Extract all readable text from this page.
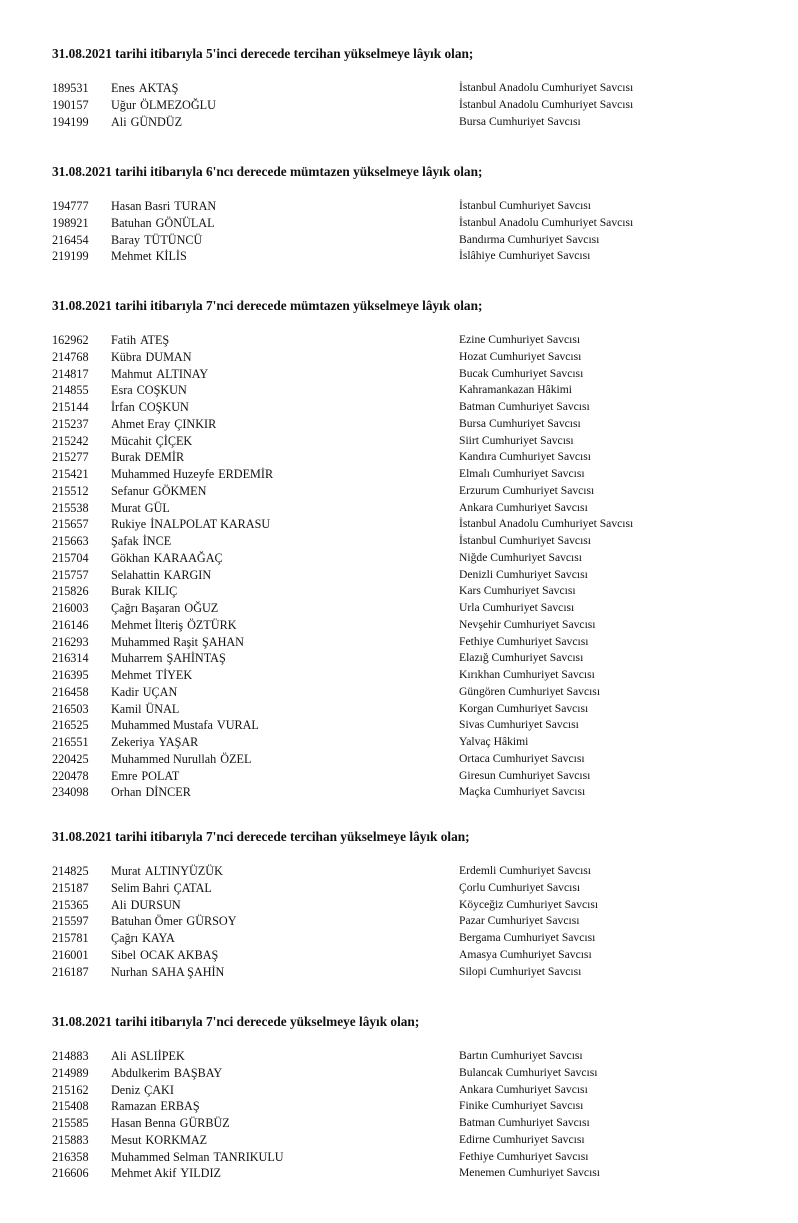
31.08.2021 tarihi itibarıyla 5'inci derecede tercihan yükselmeye lâyık olan;
189531 Enes AKTAŞ	İstanbul Anadolu Cumhuriyet Savcısı
190157 Uğur ÖLMEZOĞLU	İstanbul Anadolu Cumhuriyet Savcısı
194199 Ali GÜNDÜZ	Bursa Cumhuriyet Savcısı
31.08.2021 tarihi itibarıyla 6'ncı derecede mümtazen yükselmeye lâyık olan;
194777 Hasan Basri TURAN	İstanbul Cumhuriyet Savcısı
198921 Batuhan GÖNÜLAL	İstanbul Anadolu Cumhuriyet Savcısı
216454 Baray TÜTÜNCÜ	Bandırma Cumhuriyet Savcısı
219199 Mehmet KİLİS	İslâhiye Cumhuriyet Savcısı
31.08.2021 tarihi itibarıyla 7'nci derecede mümtazen yükselmeye lâyık olan;
162962 Fatih ATEŞ	Ezine Cumhuriyet Savcısı
214768 Kübra DUMAN	Hozat Cumhuriyet Savcısı
214817 Mahmut ALTINAY	Bucak Cumhuriyet Savcısı
214855 Esra COŞKUN	Kahramankazan Hâkimi
215144 İrfan COŞKUN	Batman Cumhuriyet Savcısı
215237 Ahmet Eray ÇINKIR	Bursa Cumhuriyet Savcısı
215242 Mücahit ÇİÇEK	Siirt Cumhuriyet Savcısı
215277 Burak DEMİR	Kandıra Cumhuriyet Savcısı
215421 Muhammed Huzeyfe ERDEMİR	Elmalı Cumhuriyet Savcısı
215512 Sefanur GÖKMEN	Erzurum Cumhuriyet Savcısı
215538 Murat GÜL	Ankara Cumhuriyet Savcısı
215657 Rukiye İNALPOLAT KARASU	İstanbul Anadolu Cumhuriyet Savcısı
215663 Şafak İNCE	İstanbul Cumhuriyet Savcısı
215704 Gökhan KARAAĞAÇ	Niğde Cumhuriyet Savcısı
215757 Selahattin KARGIN	Denizli Cumhuriyet Savcısı
215826 Burak KILIÇ	Kars Cumhuriyet Savcısı
216003 Çağrı Başaran OĞUZ	Urla Cumhuriyet Savcısı
216146 Mehmet İlteriş ÖZTÜRK	Nevşehir Cumhuriyet Savcısı
216293 Muhammed Raşit ŞAHAN	Fethiye Cumhuriyet Savcısı
216314 Muharrem ŞAHİNTAŞ	Elazığ Cumhuriyet Savcısı
216395 Mehmet TİYEK	Kırıkhan Cumhuriyet Savcısı
216458 Kadir UÇAN	Güngören Cumhuriyet Savcısı
216503 Kamil ÜNAL	Korgan Cumhuriyet Savcısı
216525 Muhammed Mustafa VURAL	Sivas Cumhuriyet Savcısı
216551 Zekeriya YAŞAR	Yalvaç Hâkimi
220425 Muhammed Nurullah ÖZEL	Ortaca Cumhuriyet Savcısı
220478 Emre POLAT	Giresun Cumhuriyet Savcısı
234098 Orhan DİNCER	Maçka Cumhuriyet Savcısı
31.08.2021 tarihi itibarıyla 7'nci derecede tercihan yükselmeye lâyık olan;
214825 Murat ALTINYÜZÜK	Erdemli Cumhuriyet Savcısı
215187 Selim Bahri ÇATAL	Çorlu Cumhuriyet Savcısı
215365 Ali DURSUN	Köyceğiz Cumhuriyet Savcısı
215597 Batuhan Ömer GÜRSOY	Pazar Cumhuriyet Savcısı
215781 Çağrı KAYA	Bergama Cumhuriyet Savcısı
216001 Sibel OCAK AKBAŞ	Amasya Cumhuriyet Savcısı
216187 Nurhan SAHA ŞAHİN	Silopi Cumhuriyet Savcısı
31.08.2021 tarihi itibarıyla 7'nci derecede yükselmeye lâyık olan;
214883 Ali ASLIİPEK	Bartın Cumhuriyet Savcısı
214989 Abdulkerim BAŞBAY	Bulancak Cumhuriyet Savcısı
215162 Deniz ÇAKI	Ankara Cumhuriyet Savcısı
215408 Ramazan ERBAŞ	Finike Cumhuriyet Savcısı
215585 Hasan Benna GÜRBÜZ	Batman Cumhuriyet Savcısı
215883 Mesut KORKMAZ	Edirne Cumhuriyet Savcısı
216358 Muhammed Selman TANRIKULU	Fethiye Cumhuriyet Savcısı
216606 Mehmet Akif YILDIZ	Menemen Cumhuriyet Savcısı
